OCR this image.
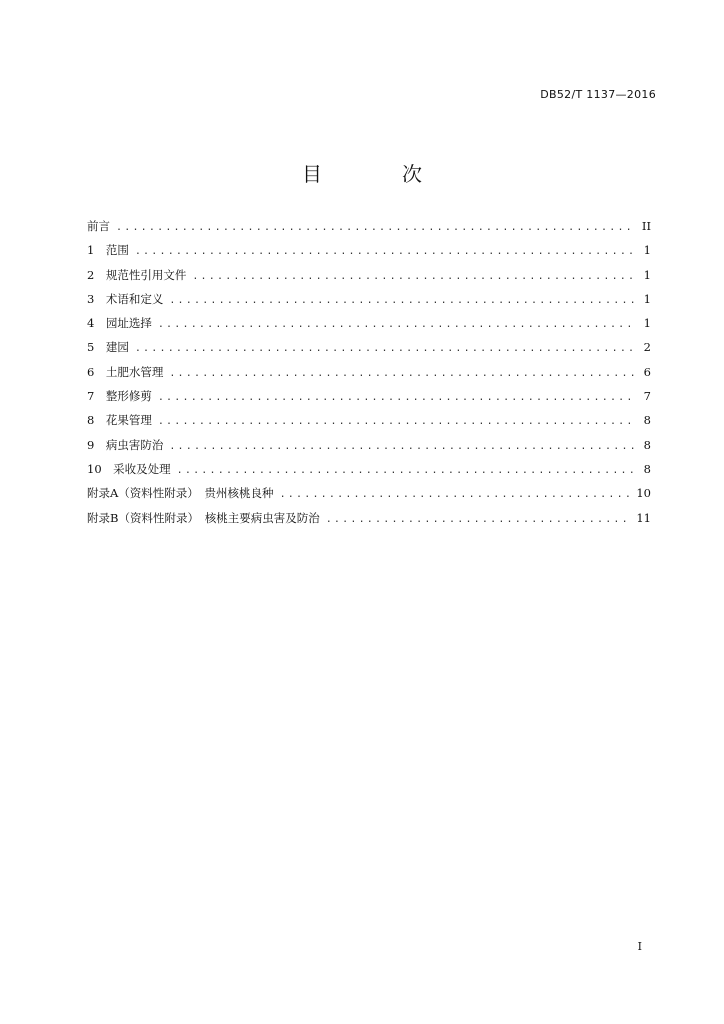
DB52/T 1137—2016
目　次
前言 .....	II
1　范围 .....	1
2　规范性引用文件 .....	1
3　术语和定义 .....	1
4　园址选择 .....	1
5　建园 .....	2
6　土肥水管理 .....	6
7　整形修剪 .....	7
8　花果管理 .....	8
9　病虫害防治 .....	8
10　采收及处理 .....	8
附录A（资料性附录）　贵州核桃良种 .....	10
附录B（资料性附录）　核桃主要病虫害及防治 .....	11
I
